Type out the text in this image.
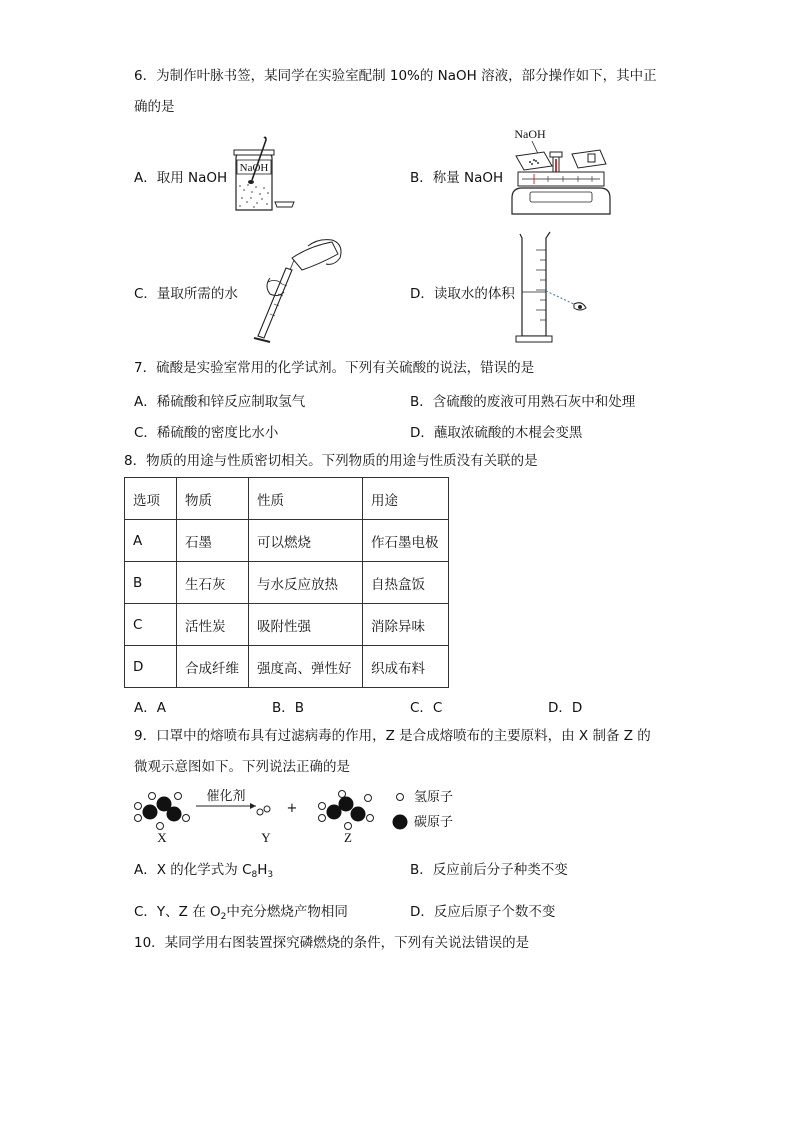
6．为制作叶脉书签，某同学在实验室配制 10%的 NaOH 溶液，部分操作如下，其中正
确的是
A．取用 NaOH
NaOH
B．称量 NaOH
NaOH
C．量取所需的水	D．读取水的体积
7．硫酸是实验室常用的化学试剂。下列有关硫酸的说法，错误的是
A．稀硫酸和锌反应制取氢气	B．含硫酸的废液可用熟石灰中和处理
C．稀硫酸的密度比水小	D．蘸取浓硫酸的木棍会变黑
8．物质的用途与性质密切相关。下列物质的用途与性质没有关联的是
选项	物质	性质	用途
A	石墨	可以燃烧	作石墨电极
B	生石灰	与水反应放热	自热盒饭
C	活性炭	吸附性强	消除异味
D	合成纤维	强度高、弹性好	织成布料
A．A	B．B	C．C	D．D
9．口罩中的熔喷布具有过滤病毒的作用，Z 是合成熔喷布的主要原料，由 X 制备 Z 的
微观示意图如下。下列说法正确的是
催化剂
+
X	Y	Z
氢原子
碳原子
A．X 的化学式为 $C_8H_3$	B．反应前后分子种类不变
C．Y、Z 在 $O_2$中充分燃烧产物相同	D．反应后原子个数不变
10．某同学用右图装置探究磷燃烧的条件，下列有关说法错误的是
